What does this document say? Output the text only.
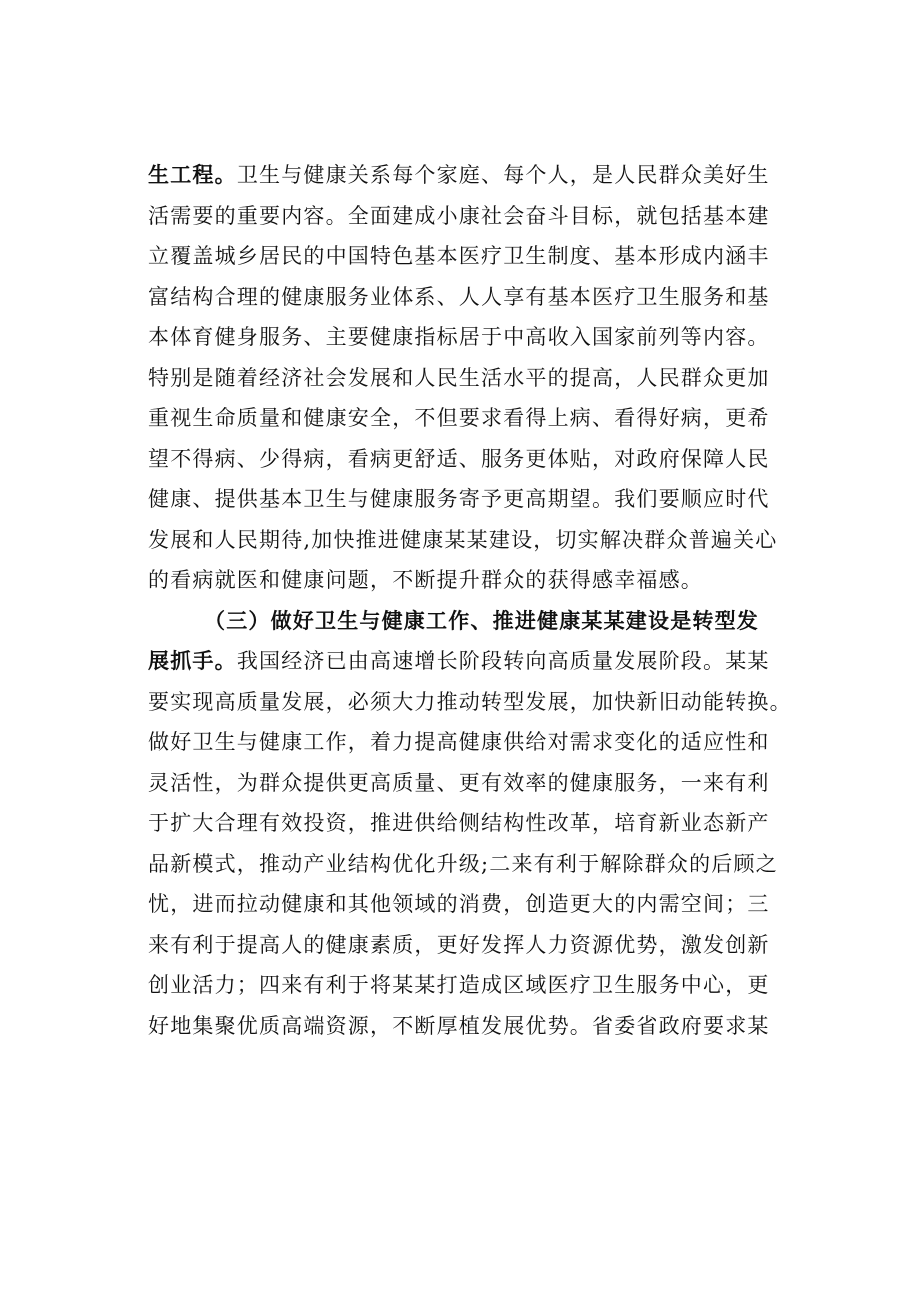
生工程。卫生与健康关系每个家庭、每个人，是人民群众美好生
活需要的重要内容。全面建成小康社会奋斗目标，就包括基本建
立覆盖城乡居民的中国特色基本医疗卫生制度、基本形成内涵丰
富结构合理的健康服务业体系、人人享有基本医疗卫生服务和基
本体育健身服务、主要健康指标居于中高收入国家前列等内容。
特别是随着经济社会发展和人民生活水平的提高，人民群众更加
重视生命质量和健康安全，不但要求看得上病、看得好病，更希
望不得病、少得病，看病更舒适、服务更体贴，对政府保障人民
健康、提供基本卫生与健康服务寄予更高期望。我们要顺应时代
发展和人民期待,加快推进健康某某建设，切实解决群众普遍关心
的看病就医和健康问题，不断提升群众的获得感幸福感。
（三）做好卫生与健康工作、推进健康某某建设是转型发
展抓手。我国经济已由高速增长阶段转向高质量发展阶段。某某
要实现高质量发展，必须大力推动转型发展，加快新旧动能转换。
做好卫生与健康工作，着力提高健康供给对需求变化的适应性和
灵活性，为群众提供更高质量、更有效率的健康服务，一来有利
于扩大合理有效投资，推进供给侧结构性改革，培育新业态新产
品新模式，推动产业结构优化升级;二来有利于解除群众的后顾之
忧，进而拉动健康和其他领域的消费，创造更大的内需空间；三
来有利于提高人的健康素质，更好发挥人力资源优势，激发创新
创业活力；四来有利于将某某打造成区域医疗卫生服务中心，更
好地集聚优质高端资源，不断厚植发展优势。省委省政府要求某
